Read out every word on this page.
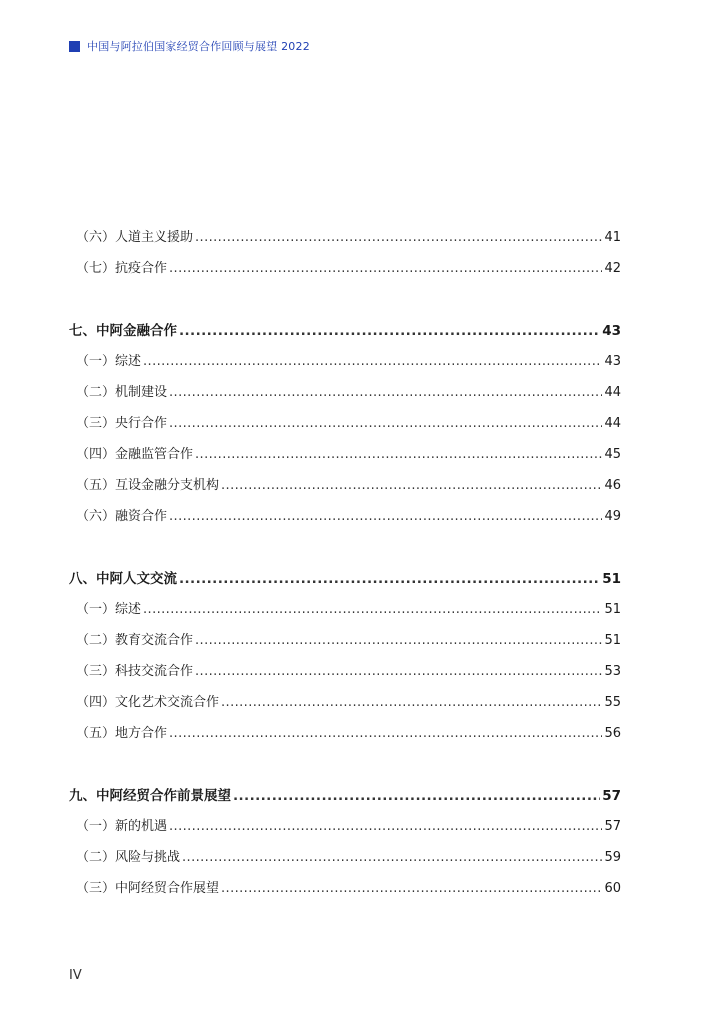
中国与阿拉伯国家经贸合作回顾与展望 2022
（六）人道主义援助 .....	41
（七）抗疫合作 .....	42
七、中阿金融合作 .....	43
（一）综述 .....	43
（二）机制建设 .....	44
（三）央行合作 .....	44
（四）金融监管合作 .....	45
（五）互设金融分支机构 .....	46
（六）融资合作 .....	49
八、中阿人文交流 .....	51
（一）综述 .....	51
（二）教育交流合作 .....	51
（三）科技交流合作 .....	53
（四）文化艺术交流合作 .....	55
（五）地方合作 .....	56
九、中阿经贸合作前景展望 .....	57
（一）新的机遇 .....	57
（二）风险与挑战 .....	59
（三）中阿经贸合作展望 .....	60
IV
